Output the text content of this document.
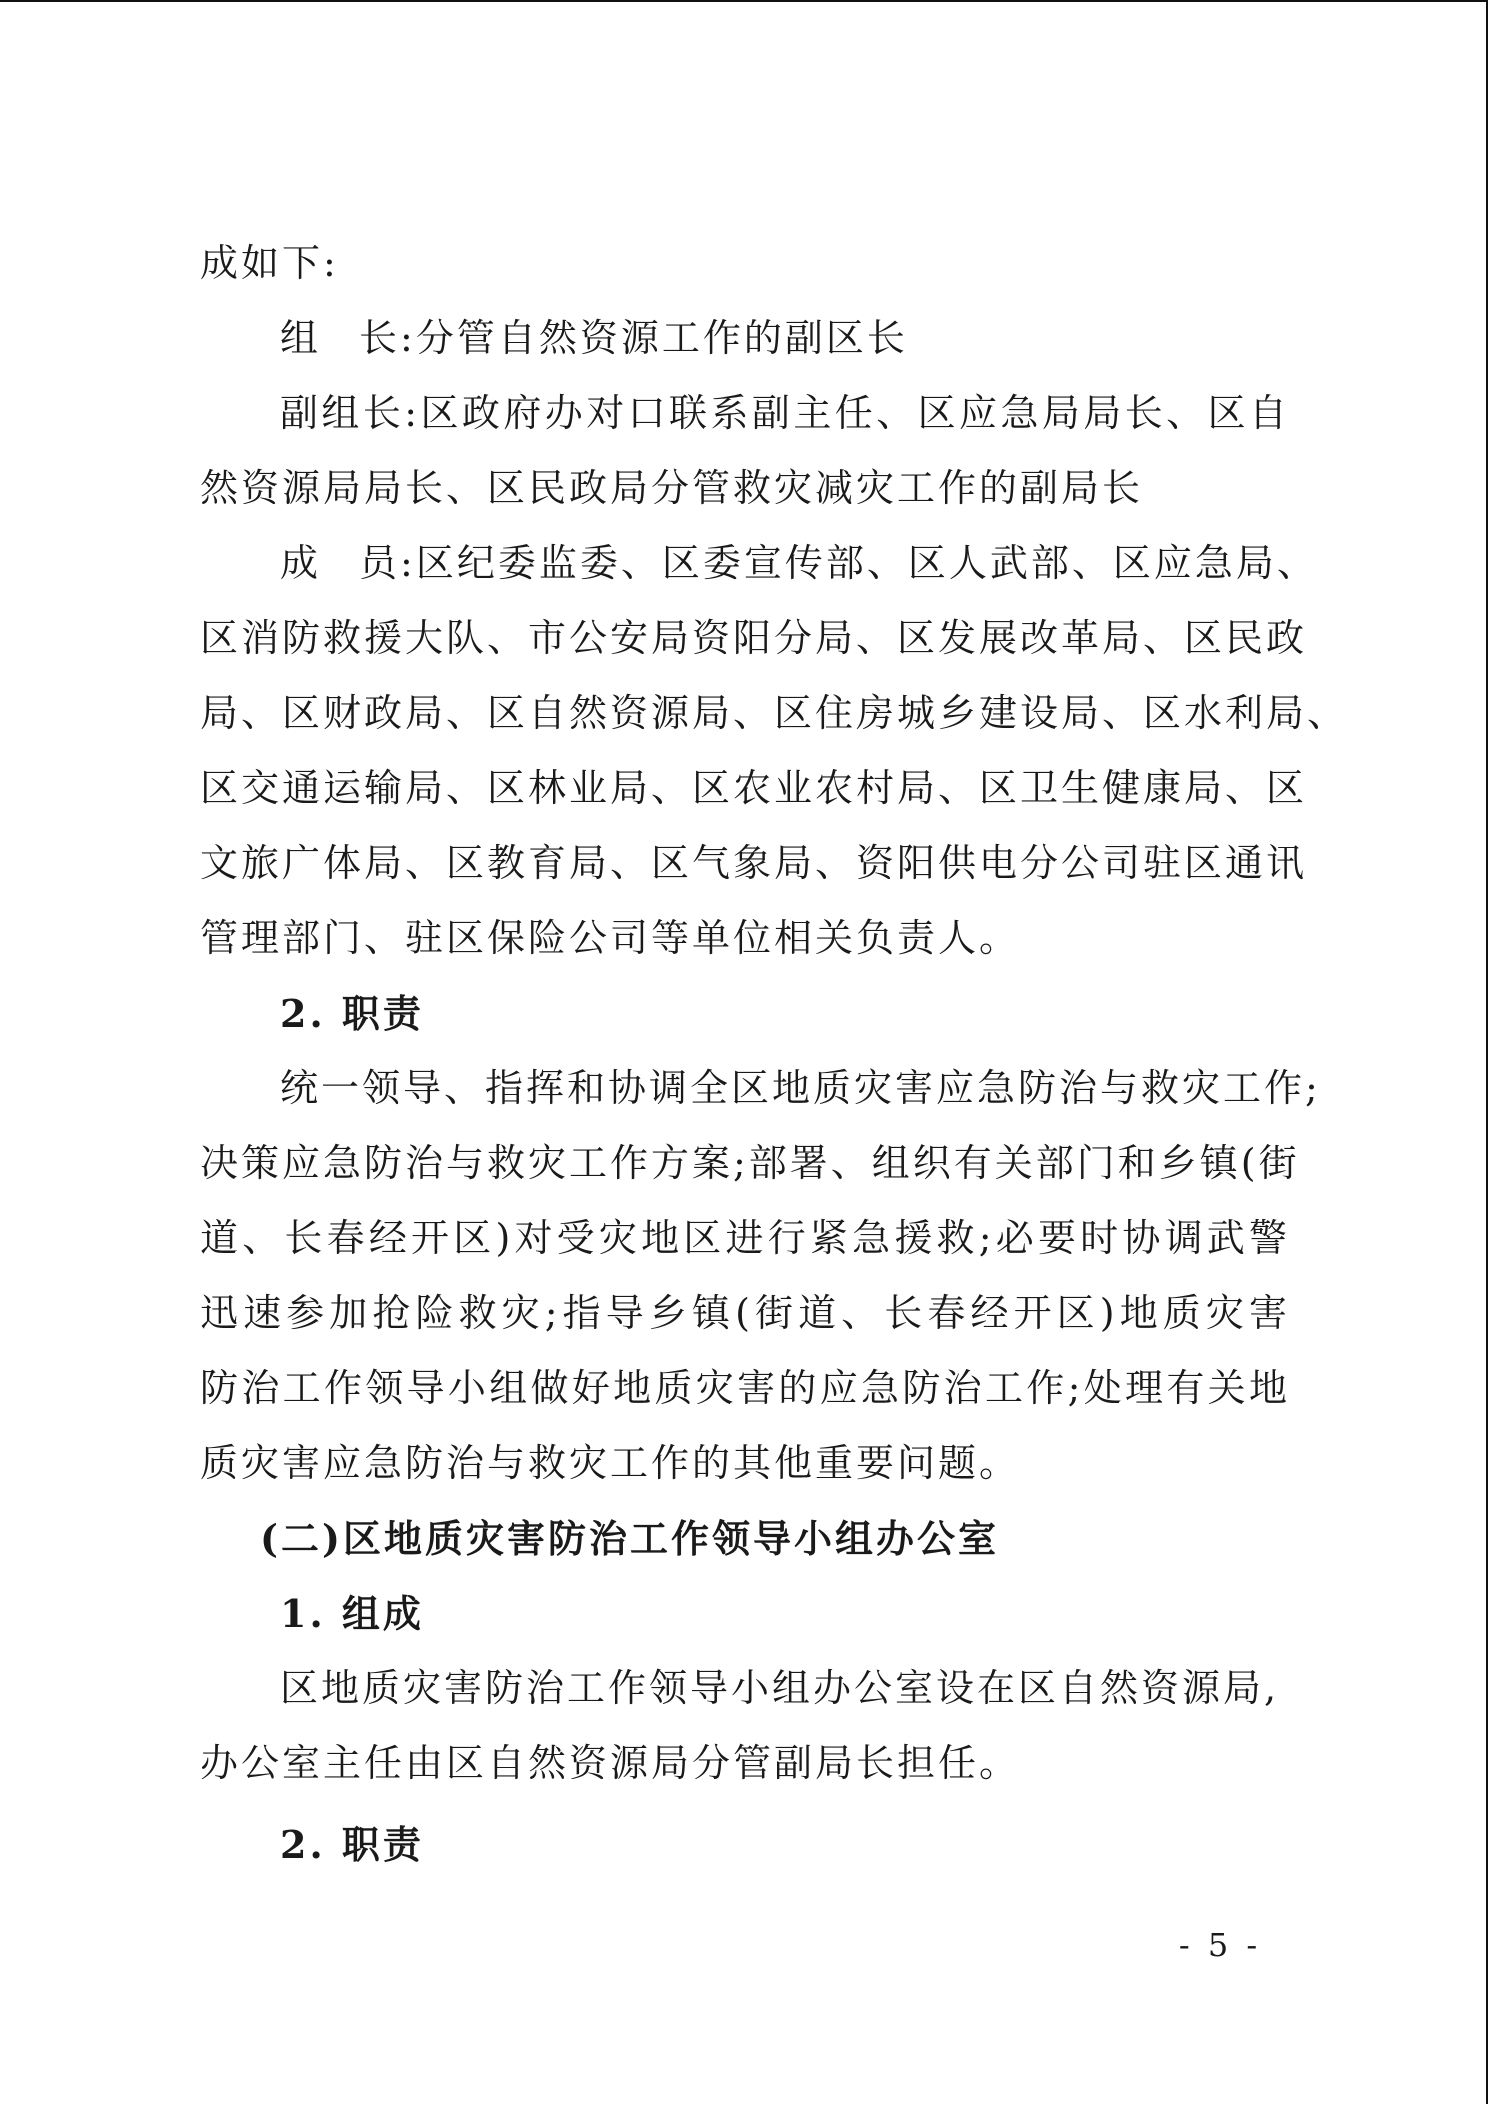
成如下:
组 长:分管自然资源工作的副区长
副组长:区政府办对口联系副主任、区应急局局长、区自
然资源局局长、区民政局分管救灾减灾工作的副局长
成 员:区纪委监委、区委宣传部、区人武部、区应急局、
区消防救援大队、市公安局资阳分局、区发展改革局、区民政
局、区财政局、区自然资源局、区住房城乡建设局、区水利局、
区交通运输局、区林业局、区农业农村局、区卫生健康局、区
文旅广体局、区教育局、区气象局、资阳供电分公司驻区通讯
管理部门、驻区保险公司等单位相关负责人。
2. 职责
统一领导、指挥和协调全区地质灾害应急防治与救灾工作;
决策应急防治与救灾工作方案;部署、组织有关部门和乡镇(街
道、长春经开区)对受灾地区进行紧急援救;必要时协调武警
迅速参加抢险救灾;指导乡镇(街道、长春经开区)地质灾害
防治工作领导小组做好地质灾害的应急防治工作;处理有关地
质灾害应急防治与救灾工作的其他重要问题。
(二)区地质灾害防治工作领导小组办公室
1. 组成
区地质灾害防治工作领导小组办公室设在区自然资源局,
办公室主任由区自然资源局分管副局长担任。
2. 职责
- 5 -
